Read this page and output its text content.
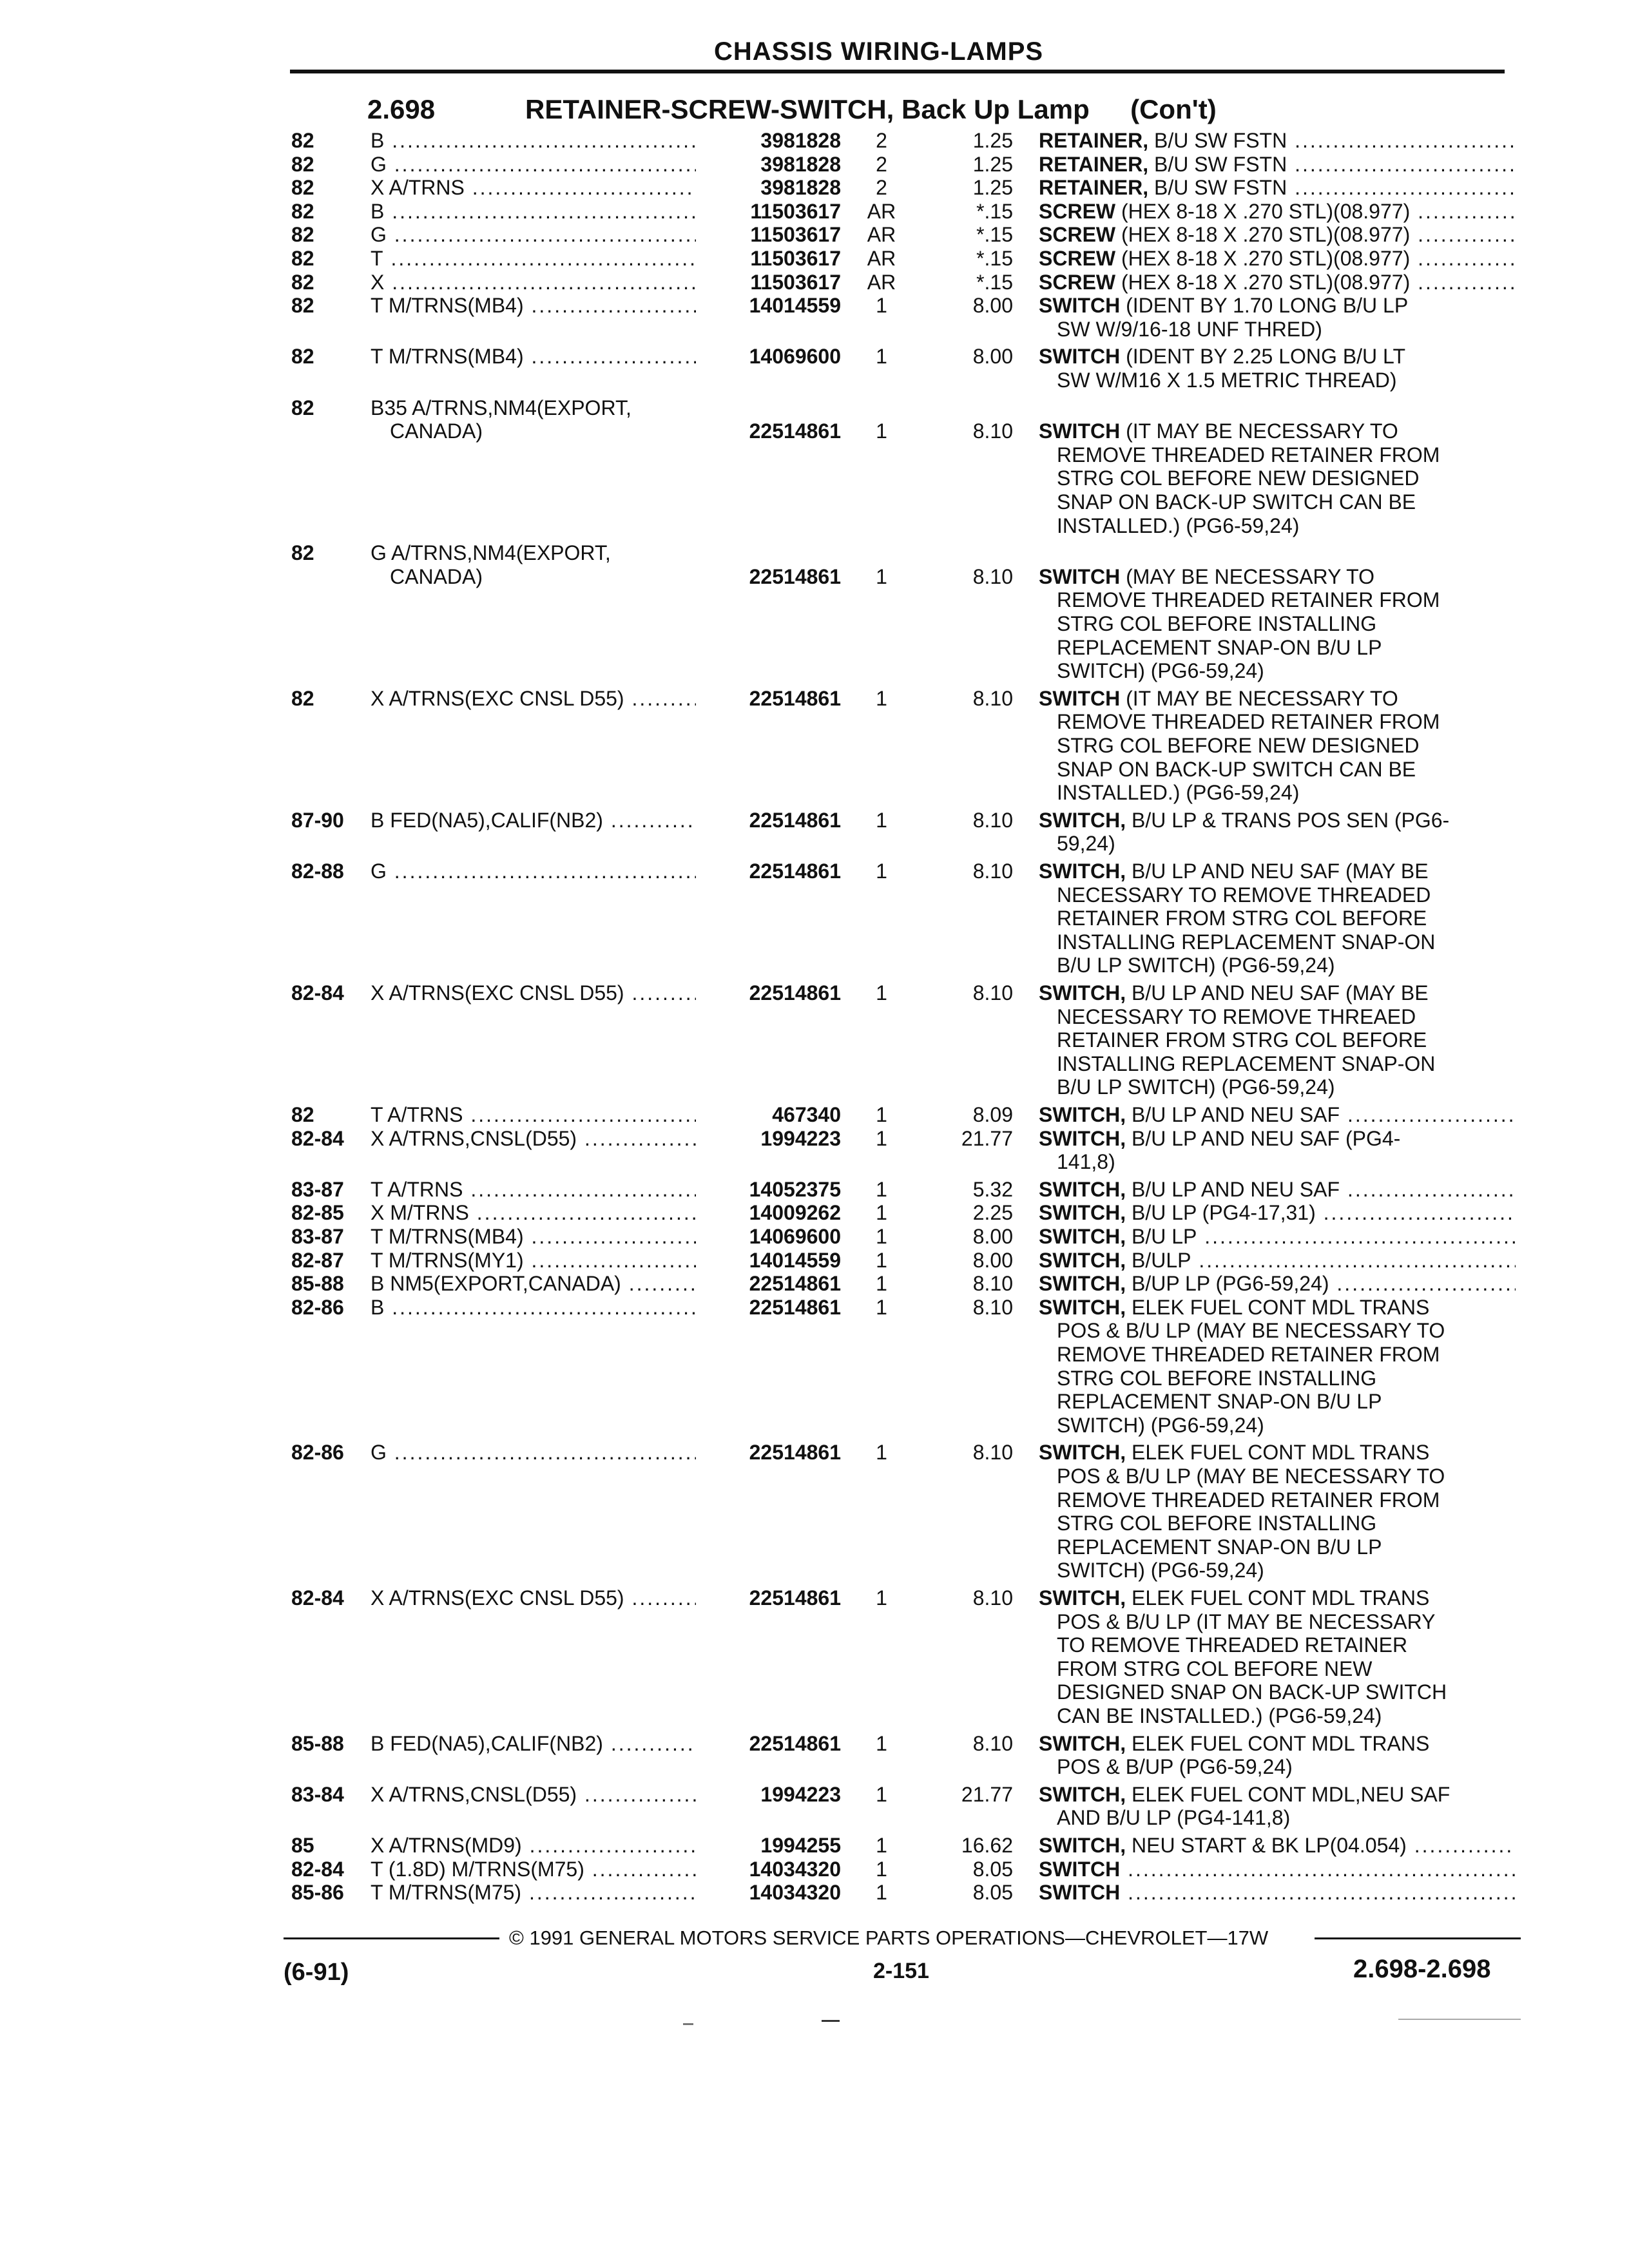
CHASSIS WIRING-LAMPS
2.698	RETAINER-SCREW-SWITCH, Back Up Lamp (Con't)
82	B .....	3981828	2	1.25 RETAINER, B/U SW FSTN .....
82	G .....	3981828	2	1.25 RETAINER, B/U SW FSTN .....
82	X A/TRNS .....	3981828	2	1.25 RETAINER, B/U SW FSTN .....
82	B .....	11503617 AR	*.15 SCREW (HEX 8-18 X .270 STL)(08.977) .....
82	G .....	11503617 AR	*.15 SCREW (HEX 8-18 X .270 STL)(08.977) .....
82	T .....	11503617 AR	*.15 SCREW (HEX 8-18 X .270 STL)(08.977) .....
82	X .....	11503617 AR	*.15 SCREW (HEX 8-18 X .270 STL)(08.977) .....
82	T M/TRNS(MB4) .....	14014559	1	8.00 SWITCH (IDENT BY 1.70 LONG B/U LP
SW W/9/16-18 UNF THRED)
82	T M/TRNS(MB4) .....	14069600	1	8.00 SWITCH (IDENT BY 2.25 LONG B/U LT
SW W/M16 X 1.5 METRIC THREAD)
82	B35 A/TRNS,NM4(EXPORT,
CANADA)	22514861	1	8.10 SWITCH (IT MAY BE NECESSARY TO
REMOVE THREADED RETAINER FROM
STRG COL BEFORE NEW DESIGNED
SNAP ON BACK-UP SWITCH CAN BE
INSTALLED.) (PG6-59,24)
82	G A/TRNS,NM4(EXPORT,
CANADA)	22514861	1	8.10 SWITCH (MAY BE NECESSARY TO
REMOVE THREADED RETAINER FROM
STRG COL BEFORE INSTALLING
REPLACEMENT SNAP-ON B/U LP
SWITCH) (PG6-59,24)
82	X A/TRNS(EXC CNSL D55) .....	22514861	1	8.10 SWITCH (IT MAY BE NECESSARY TO
REMOVE THREADED RETAINER FROM
STRG COL BEFORE NEW DESIGNED
SNAP ON BACK-UP SWITCH CAN BE
INSTALLED.) (PG6-59,24)
87-90	B FED(NA5),CALIF(NB2) .....	22514861	1	8.10 SWITCH, B/U LP & TRANS POS SEN (PG6-
59,24)
82-88	G .....	22514861	1	8.10 SWITCH, B/U LP AND NEU SAF (MAY BE
NECESSARY TO REMOVE THREADED
RETAINER FROM STRG COL BEFORE
INSTALLING REPLACEMENT SNAP-ON
B/U LP SWITCH) (PG6-59,24)
82-84	X A/TRNS(EXC CNSL D55) .....	22514861	1	8.10 SWITCH, B/U LP AND NEU SAF (MAY BE
NECESSARY TO REMOVE THREAED
RETAINER FROM STRG COL BEFORE
INSTALLING REPLACEMENT SNAP-ON
B/U LP SWITCH) (PG6-59,24)
82	T A/TRNS .....	467340	1	8.09 SWITCH, B/U LP AND NEU SAF .....
82-84	X A/TRNS,CNSL(D55) .....	1994223	1	21.77 SWITCH, B/U LP AND NEU SAF (PG4-
141,8)
83-87	T A/TRNS .....	14052375	1	5.32 SWITCH, B/U LP AND NEU SAF .....
82-85	X M/TRNS .....	14009262	1	2.25 SWITCH, B/U LP (PG4-17,31) .....
83-87	T M/TRNS(MB4) .....	14069600	1	8.00 SWITCH, B/U LP .....
82-87	T M/TRNS(MY1) .....	14014559	1	8.00 SWITCH, B/ULP .....
85-88	B NM5(EXPORT,CANADA) .....	22514861	1	8.10 SWITCH, B/UP LP (PG6-59,24) .....
82-86	B .....	22514861	1	8.10 SWITCH, ELEK FUEL CONT MDL TRANS
POS & B/U LP (MAY BE NECESSARY TO
REMOVE THREADED RETAINER FROM
STRG COL BEFORE INSTALLING
REPLACEMENT SNAP-ON B/U LP
SWITCH) (PG6-59,24)
82-86	G .....	22514861	1	8.10 SWITCH, ELEK FUEL CONT MDL TRANS
POS & B/U LP (MAY BE NECESSARY TO
REMOVE THREADED RETAINER FROM
STRG COL BEFORE INSTALLING
REPLACEMENT SNAP-ON B/U LP
SWITCH) (PG6-59,24)
82-84	X A/TRNS(EXC CNSL D55) .....	22514861	1	8.10 SWITCH, ELEK FUEL CONT MDL TRANS
POS & B/U LP (IT MAY BE NECESSARY
TO REMOVE THREADED RETAINER
FROM STRG COL BEFORE NEW
DESIGNED SNAP ON BACK-UP SWITCH
CAN BE INSTALLED.) (PG6-59,24)
85-88	B FED(NA5),CALIF(NB2) .....	22514861	1	8.10 SWITCH, ELEK FUEL CONT MDL TRANS
POS & B/UP (PG6-59,24)
83-84	X A/TRNS,CNSL(D55) .....	1994223	1	21.77 SWITCH, ELEK FUEL CONT MDL,NEU SAF
AND B/U LP (PG4-141,8)
85	X A/TRNS(MD9) .....	1994255	1	16.62 SWITCH, NEU START & BK LP(04.054) .....
82-84	T (1.8D) M/TRNS(M75) .....	14034320	1	8.05 SWITCH .....
85-86	T M/TRNS(M75) .....	14034320	1	8.05 SWITCH .....
© 1991 GENERAL MOTORS SERVICE PARTS OPERATIONS—CHEVROLET—17W
(6-91)	2-151	2.698-2.698
